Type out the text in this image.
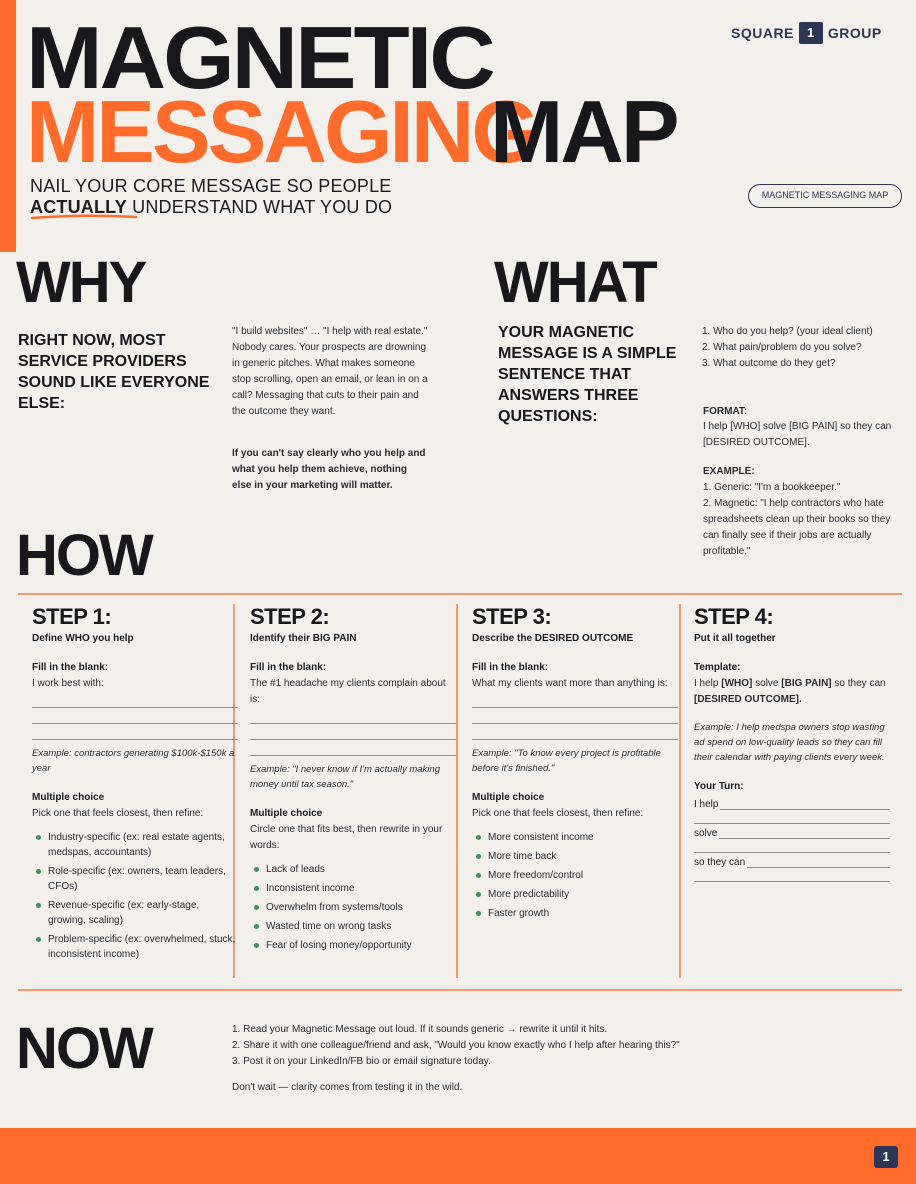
MAGNETIC
MESSAGING
MAP
SQUARE	1 GROUP
NAIL YOUR CORE MESSAGE SO PEOPLE
ACTUALLY UNDERSTAND WHAT YOU DO
MAGNETIC MESSAGING MAP
WHY
RIGHT NOW, MOST SERVICE PROVIDERS SOUND LIKE EVERYONE ELSE:
"I build websites" … "I help with real estate." Nobody cares. Your prospects are drowning in generic pitches. What makes someone stop scrolling, open an email, or lean in on a call? Messaging that cuts to their pain and the outcome they want.
If you can't say clearly who you help and what you help them achieve, nothing else in your marketing will matter.
WHAT
YOUR MAGNETIC MESSAGE IS A SIMPLE SENTENCE THAT ANSWERS THREE QUESTIONS:
1. Who do you help? (your ideal client)
2. What pain/problem do you solve?
3. What outcome do they get?
FORMAT:
I help [WHO] solve [BIG PAIN] so they can [DESIRED OUTCOME].
EXAMPLE:
1. Generic: "I'm a bookkeeper."
2. Magnetic: "I help contractors who hate spreadsheets clean up their books so they can finally see if their jobs are actually profitable."
HOW
STEP 1:
Define WHO you help
Fill in the blank:
I work best with:
Example: contractors generating $100k-$150k a year
Multiple choice
Pick one that feels closest, then refine:
Industry-specific (ex: real estate agents, medspas, accountants)
Role-specific (ex: owners, team leaders, CFOs)
Revenue-specific (ex: early-stage, growing, scaling)
Problem-specific (ex: overwhelmed, stuck, inconsistent income)
STEP 2:
Identify their BIG PAIN
Fill in the blank:
The #1 headache my clients complain about is:
Example: "I never know if I'm actually making money until tax season."
Multiple choice
Circle one that fits best, then rewrite in your words:
Lack of leads
Inconsistent income
Overwhelm from systems/tools
Wasted time on wrong tasks
Fear of losing money/opportunity
STEP 3:
Describe the DESIRED OUTCOME
Fill in the blank:
What my clients want more than anything is:
Example: "To know every project is profitable before it's finished."
Multiple choice
Pick one that feels closest, then refine:
More consistent income
More time back
More freedom/control
More predictability
Faster growth
STEP 4:
Put it all together
Template:
I help [WHO] solve [BIG PAIN] so they can [DESIRED OUTCOME].
Example: I help medspa owners stop wasting ad spend on low-quality leads so they can fill their calendar with paying clients every week.
Your Turn:
I help
solve
so they can
NOW	1. Read your Magnetic Message out loud. If it sounds generic → rewrite it until it hits.
2. Share it with one colleague/friend and ask, "Would you know exactly who I help after hearing this?"
3. Post it on your LinkedIn/FB bio or email signature today.
Don't wait — clarity comes from testing it in the wild.
1
